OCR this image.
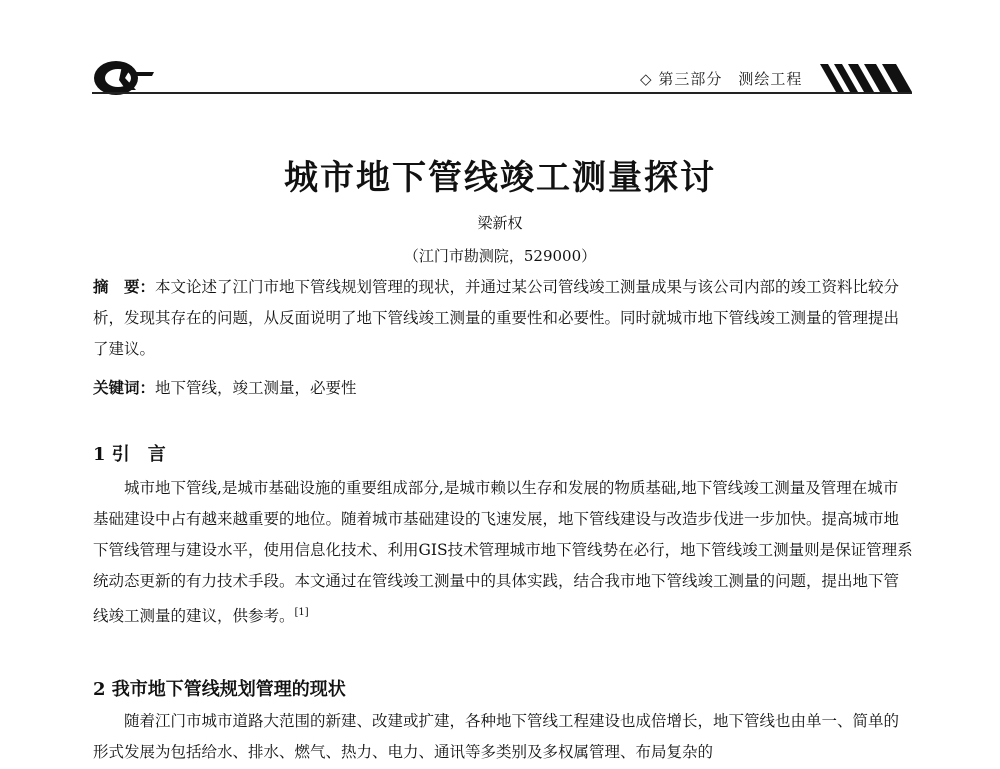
◇ 第三部分　测绘工程
城市地下管线竣工测量探讨
梁新权
（江门市勘测院，529000）
摘　要：本文论述了江门市地下管线规划管理的现状，并通过某公司管线竣工测量成果与该公司内部的竣工资料比较分析，发现其存在的问题，从反面说明了地下管线竣工测量的重要性和必要性。同时就城市地下管线竣工测量的管理提出了建议。
关键词：地下管线，竣工测量，必要性
1 引　言
城市地下管线,是城市基础设施的重要组成部分,是城市赖以生存和发展的物质基础,地下管线竣工测量及管理在城市基础建设中占有越来越重要的地位。随着城市基础建设的飞速发展，地下管线建设与改造步伐进一步加快。提高城市地下管线管理与建设水平，使用信息化技术、利用GIS技术管理城市地下管线势在必行，地下管线竣工测量则是保证管理系统动态更新的有力技术手段。本文通过在管线竣工测量中的具体实践，结合我市地下管线竣工测量的问题，提出地下管线竣工测量的建议，供参考。[1]
2 我市地下管线规划管理的现状
随着江门市城市道路大范围的新建、改建或扩建，各种地下管线工程建设也成倍增长，地下管线也由单一、简单的形式发展为包括给水、排水、燃气、热力、电力、通讯等多类别及多权属管理、布局复杂的
